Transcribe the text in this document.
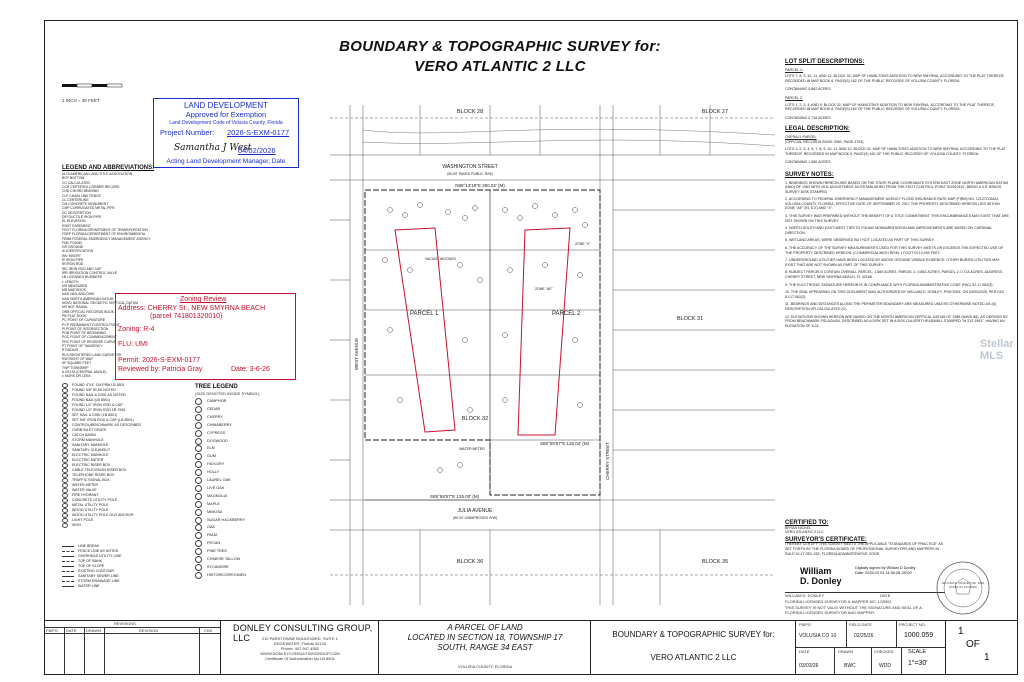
BOUNDARY & TOPOGRAPHIC SURVEY for:
VERO ATLANTIC 2 LLC
1 INCH = 30 FEET
LAND DEVELOPMENT
Approved for Exemption
Land Development Code of Volusia County, Florida
Project Number: 2026-S-EXM-0177
Samantha J West
04/02/2026
Acting Land Development Manager, Date
LEGEND AND ABBREVIATIONS:
ALTA AMERICAN LAND TITLE ASSOCIATION
BOT BOTTOM
CC CALCULATED
CCR CERTIFIED CORNER RECORD
CHD CHORD BEARING
CLF CHAIN LINK FENCE
CL CENTERLINE
CM CONCRETE MONUMENT
CMP CORRUGATED METAL PIPE
DC DESCRIPTION
DIP DUCTILE IRON PIPE
EL ELEVATION
ESMT EASEMENT
FDOT FLORIDA DEPARTMENT OF TRANSPORTATION
FDEP FLORIDA DEPARTMENT OF ENVIRONMENTAL
FEMA FEDERAL EMERGENCY MANAGEMENT AGENCY
FND FOUND
GR GROUND
ID IDENTIFICATION
INV INVERT
IP IRON PIPE
IR IRON ROD
IRC IRON ROD AND CAP
IRR IRRIGATION CONTROL VALVE
LB LICENSED BUSINESS
L LENGTH
MS MEASURED
MB MAP BOOK
N&D NAIL AND DISK
NAD NORTH AMERICAN DATUM
NGVD NATIONAL GEODETIC VERTICAL DATUM
NR NOT RADIAL
ORB OFFICIAL RECORDS BOOK
PB PLAT BOOK
PC POINT OF CURVATURE
PCP PERMANENT CONTROL POINT
PI POINT OF INTERSECTION
POB POINT OF BEGINNING
POC POINT OF COMMENCEMENT
PRC POINT OF REVERSE CURVE
PT POINT OF TANGENCY
R RADIUS
RLS REGISTERED LAND SURVEYOR
RW RIGHT OF WAY
SF SQUARE FEET
TWP TOWNSHIP
Δ DELTA (CENTRAL ANGLE)
± MORE OR LESS
FOUND 4"X4" CM PRM LB 8501
FOUND 5/8" IR AS NOTED
FOUND NAIL & DISK AS NOTED
FOUND N&D (LB 8501)
FOUND 1/2" IRON ROD & CAP
FOUND 1/2" IRON ROD LB 7545
SET NAIL & DISK (LB 8501)
SET 5/8" IRON ROD & CAP (LB 8501)
CONTROL/BENCHMARK AS DESCRIBED
CURB INLET GRATE
CATCH BASIN
STORM MANHOLE
SANITARY MANHOLE
SANITARY CLEANOUT
ELECTRIC MANHOLE
ELECTRIC METER
ELECTRIC RISER BOX
CABLE TELEVISION RISER BOX
TELEPHONE RISER BOX
TRAFFIC SIGNAL BOX
WATER METER
WATER VALVE
FIRE HYDRANT
CONCRETE UTILITY POLE
METAL UTILITY POLE
WOOD UTILITY POLE
WOOD UTILITY POLE GUY ANCHOR
LIGHT POLE
SIGN
LINE BREAK
FENCE LINE AS NOTED
OVERHEAD UTILITY LINE
TOP OF BANK
TOE OF SLOPE
EXISTING CONTOUR
SANITARY SEWER LINE
STORM DRAINAGE LINE
WATER LINE
Zoning Review
Address: CHERRY St , NEW SMYRNA BEACH
(parcel 741801320010)
Zoning: R-4
FLU: UMI
Permit: 2026-S-EXM-0177
Reviewed by: Patricia Gray	Date: 3-6-26
TREE LEGEND
(SIZE DENOTED INSIDE SYMBOL)
CAMPHOR
CEDAR
CHERRY
CHINABERRY
CYPRESS
DOGWOOD
ELM
GUM
HICKORY
HOLLY
LAUREL OAK
LIVE OAK
MAGNOLIA
MAPLE
MIMOSA
SUGAR HACKBERRY
OAK
PALM
PECAN
PINE TREE
CHINESE TALLOW
SYCAMORE
HISTORIC/SPECIMEN
BLOCK 28	BLOCK 27
WASHINGTON STREET
(50.00' PAVED PUBLIC R/W)
N89°13'19"E 250.02' (M)
PARCEL 1	PARCEL 2
ZONE "X"
ZONE "AE"
BLOCK 32
WATER METER
VACANT WOODED
BLOCK 31
S89°59'57"E 125.04' (M)
S89°59'57"E 125.00' (M)
JULIA AVENUE
(50.00' UNIMPROVED R/W)
BLOCK 36	BLOCK 35
WEST AVENUE
CHERRY STREET
LOT SPLIT DESCRIPTIONS:
PARCEL 1:
LOTS 7, 8, 9, 10, 11, AND 12, BLOCK 32, MAP OF HAMILTON'S ADDITION TO NEW SMYRNA, ACCORDING TO THE PLAT THEREOF, RECORDED IN MAP BOOK 6, PAGE(S) 162 OF THE PUBLIC RECORDS OF VOLUSIA COUNTY, FLORIDA.
CONTAINING 0.862 ACRES.
PARCEL 2:
LOTS 1, 2, 3, 4, AND 5, BLOCK 32, MAP OF HAMILTON'S ADDITION TO NEW SMYRNA, ACCORDING TO THE PLAT THEREOF, RECORDED IN MAP BOOK 6, PAGE(S) 162 OF THE PUBLIC RECORDS OF VOLUSIA COUNTY, FLORIDA.
CONTAINING 0.718 ACRES.
LEGAL DESCRIPTION:
OVERALL PARCEL
(OFFICIAL RECORDS BOOK 3960, PAGE 4703)
LOTS 1, 2, 3, 4, 5, 7, 8, 9, 10, 11, AND 12, BLOCK 32, MAP OF HAMILTON'S ADDITION TO NEW SMYRNA, ACCORDING TO THE PLAT THEREOF, RECORDED IN MAP BOOK 6, PAGE(S) 162 OF THE PUBLIC RECORDS OF VOLUSIA COUNTY, FLORIDA.
CONTAINING 1.580 ACRES.
SURVEY NOTES:
1. BEARINGS SHOWN HEREON ARE BASED ON THE STATE PLANE COORDINATE SYSTEM EAST ZONE NORTH AMERICAN DATUM (NAD) OF 1983 WITH 2011 ADJUSTMENT AS ESTABLISHED FROM THE FDOT CONTROL POINT 922010167, BEING A 3.5" BRASS SURVEY DISK STAMPED.
2. ACCORDING TO FEDERAL EMERGENCY MANAGEMENT AGENCY FLOOD INSURANCE RATE MAP (FIRM) NO. 12127C0544J, VOLUSIA COUNTY, FLORIDA, EFFECTIVE DATE OF SEPTEMBER 29, 2017 THE PROPERTY DESCRIBED HEREON LIES WITHIN ZONE "AE" (EL 5.0') AND "X".
3. THIS SURVEY WAS PREPARED WITHOUT THE BENEFIT OF A TITLE COMMITMENT. THIS ENCUMBRANCES MAY EXIST THAT ARE NOT SHOWN ON THIS SURVEY.
4. NORTH-SOUTH AND EAST-WEST TIES TO FOUND MONUMENTATION AND IMPROVEMENTS ARE BASED ON CARDINAL DIRECTION.
5. WETLAND AREAS, WERE OBSERVED BUT NOT LOCATED AS PART OF THIS SURVEY.
6. THE ACCURACY OF THE SURVEY MEASUREMENTS USED FOR THIS SURVEY MEETS OR EXCEEDS THE EXPECTED USE OF THE PROPERTY DESCRIBED HEREON. (COMMERCIAL/HIGH RISK) 1 FOOT IN 10,000 FEET.
7. UNDERGROUND UTILITIES HAVE BEEN LOCATED BY ABOVE GROUND VISIBLE EVIDENCE. OTHER BURIED UTILITIES MAY EXIST THAT ARE NOT SHOWN AS PART OF THIS SURVEY.
8. SUBJECT PARCELS CONTAIN OVERALL PARCEL: 1.580 ACRES, PARCEL 1: 0.862 ACRES, PARCEL 2: 0.718 ACRES. ADDRESS: CHERRY STREET, NEW SMYRNA BEACH, FL 32168
9. THE ELECTRONIC SIGNATURE HEREON IS IN COMPLIANCE WITH FLORIDA ADMINISTRATIVE CODE (FAC) 5J-17.062(3).
10. THE SEAL APPEARING ON THIS DOCUMENT WAS AUTHORIZED BY WILLIAM D. DONLEY, PSM 5391, ON 03/03/2026, PER FAC 5J-17.062(2).
11. BEARINGS AND DISTANCES ALONG THE PERIMETER BOUNDARY ARE MEASURED UNLESS OTHERWISE NOTED AS (D) DESCRIPTION OR CALCULATED (C).
12. ELEVATIONS SHOWN HEREON ARE BASED ON THE NORTH AMERICAN VERTICAL DATUM OF 1988 (NAVD 88), AS DERIVED BY FROM BENCHMARK PID AZ4434, DESCRIBED AS A DISK SET IN A BOX CULVERT HEADWALL STAMPED "M 212 1963", HAVING AN ELEVATION OF 8.31'.
CERTIFIED TO:
BRYAN NICKEL
VERO ATLANTIC 2 LLC
SURVEYOR'S CERTIFICATE:
I HEREBY CERTIFY THIS SURVEY MEETS THE APPLICABLE "STANDARDS OF PRACTICE" AS SET FORTH BY THE FLORIDA BOARD OF PROFESSIONAL SURVEYORS AND MAPPERS IN RULE 5J-17.050-.052, FLORIDA ADMINISTRATIVE CODE.
William
D. Donley
Digitally signed by William D Donley Date: 2026.03.03 14:36:28 -05'00'
WILLIAM D. DONLEY	DATE
FLORIDA LICENSED SURVEYOR & MAPPER NO. LS5391
THIS SURVEY IS NOT VALID WITHOUT THE SIGNATURE AND SEAL OF A FLORIDA LICENSED SURVEYOR AND MAPPER.
WILLIAM D. DONLEY NO. 5391 STATE OF FLORIDA
Stellar MLS
REVISIONS
FB/PG DATE DRAWN	REVISION	CKD DONLEY CONSULTING GROUP, LLC	210 PARKTOWNE BOULEVARD, SUITE 1
EDGEWATER, Florida 32132
Phone: 407.947.4552
WWW.DONLEYCONSULTINGGROUP.COM
Certificate Of Authorization No.LB 8501
A PARCEL OF LAND
LOCATED IN SECTION 18, TOWNSHIP 17
SOUTH, RANGE 34 EAST
VOLUSIA COUNTY, FLORIDA
BOUNDARY & TOPOGRAPHIC SURVEY for:
VERO ATLANTIC 2 LLC
FB/PG	FIELD DATE	PROJECT NO.
VOLUSIA CO 10	02/25/26	1000.059
DATE	DRAWN	CHECKED	SCALE
03/03/26	BWC	WDD 1"=30'
1
OF
1
